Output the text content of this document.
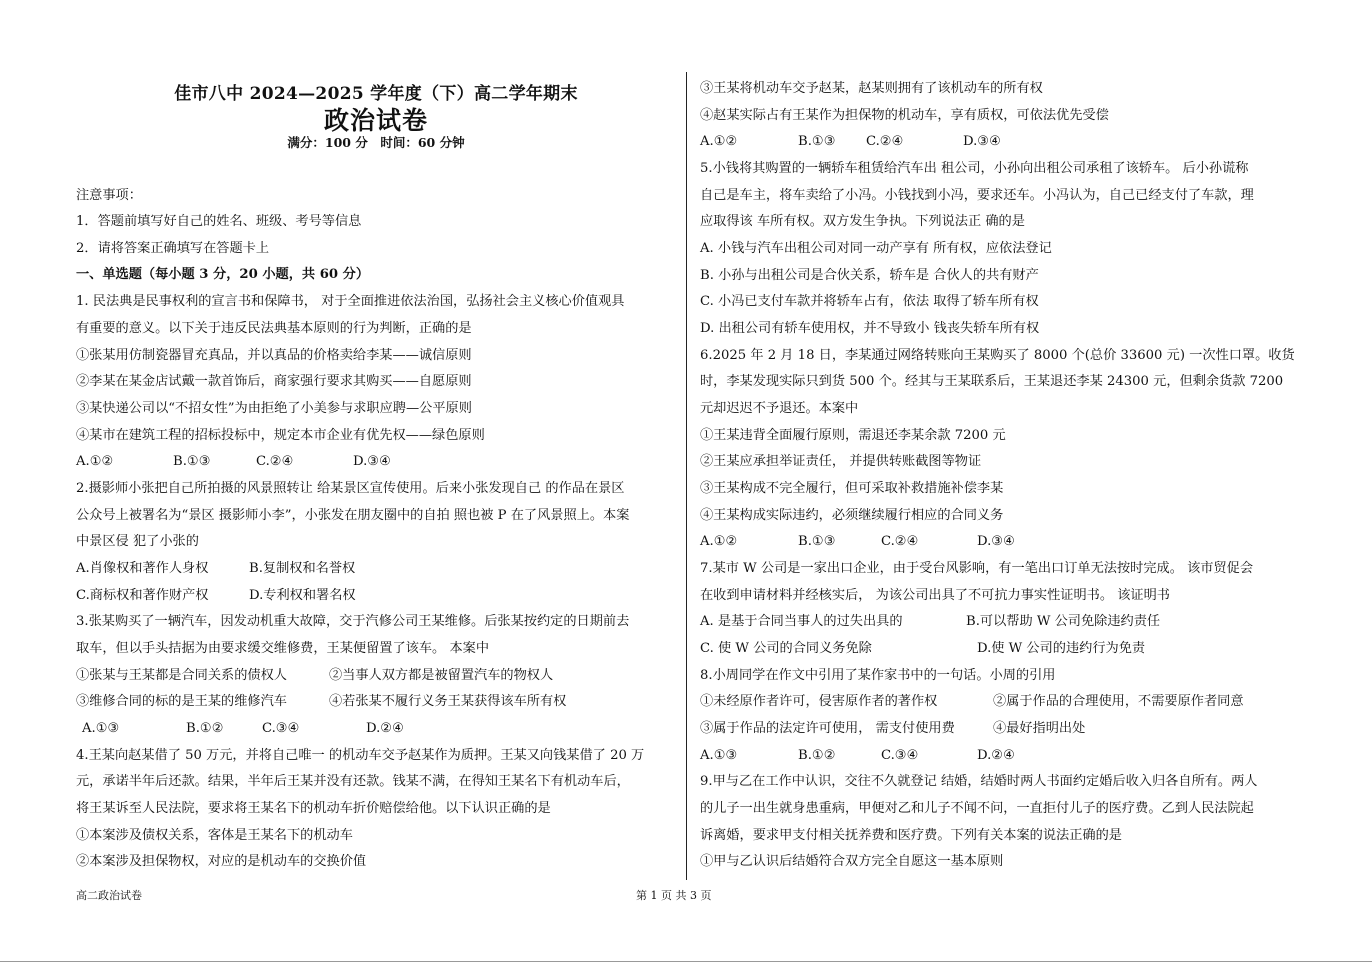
佳市八中 2024—2025 学年度（下）高二学年期末
政治试卷
满分：100 分　时间：60 分钟
注意事项：
1．答题前填写好自己的姓名、班级、考号等信息
2．请将答案正确填写在答题卡上
一、单选题（每小题 3 分，20 小题，共 60 分）
1. 民法典是民事权利的宣言书和保障书， 对于全面推进依法治国，弘扬社会主义核心价值观具
有重要的意义。以下关于违反民法典基本原则的行为判断，正确的是
①张某用仿制瓷器冒充真品，并以真品的价格卖给李某——诚信原则
②李某在某金店试戴一款首饰后，商家强行要求其购买——自愿原则
③某快递公司以“不招女性”为由拒绝了小美参与求职应聘—公平原则
④某市在建筑工程的招标投标中，规定本市企业有优先权——绿色原则
A.①②	B.①③	C.②④	D.③④
2.摄影师小张把自己所拍摄的风景照转让 给某景区宣传使用。后来小张发现自己 的作品在景区
公众号上被署名为“景区 摄影师小李”，小张发在朋友圈中的自拍 照也被 P 在了风景照上。本案
中景区侵 犯了小张的
A.肖像权和著作人身权	B.复制权和名誉权
C.商标权和著作财产权	D.专利权和署名权
3.张某购买了一辆汽车，因发动机重大故障，交于汽修公司王某维修。后张某按约定的日期前去
取车，但以手头拮据为由要求缓交维修费，王某便留置了该车。 本案中
①张某与王某都是合同关系的债权人	②当事人双方都是被留置汽车的物权人
③维修合同的标的是王某的维修汽车	④若张某不履行义务王某获得该车所有权
A.①③	B.①②	C.③④	D.②④
4.王某向赵某借了 50 万元，并将自己唯一 的机动车交予赵某作为质押。王某又向钱某借了 20 万
元，承诺半年后还款。结果，半年后王某并没有还款。钱某不满，在得知王某名下有机动车后，
将王某诉至人民法院，要求将王某名下的机动车折价赔偿给他。以下认识正确的是
①本案涉及债权关系，客体是王某名下的机动车
②本案涉及担保物权，对应的是机动车的交换价值
③王某将机动车交予赵某，赵某则拥有了该机动车的所有权
④赵某实际占有王某作为担保物的机动车，享有质权，可依法优先受偿
A.①②	B.①③ C.②④	D.③④
5.小钱将其购置的一辆轿车租赁给汽车出 租公司，小孙向出租公司承租了该轿车。 后小孙谎称
自己是车主，将车卖给了小冯。小钱找到小冯，要求还车。小冯认为，自己已经支付了车款，理
应取得该 车所有权。双方发生争执。下列说法正 确的是
A. 小钱与汽车出租公司对同一动产享有 所有权，应依法登记
B. 小孙与出租公司是合伙关系，轿车是 合伙人的共有财产
C. 小冯已支付车款并将轿车占有，依法 取得了轿车所有权
D. 出租公司有轿车使用权，并不导致小 钱丧失轿车所有权
6.2025 年 2 月 18 日，李某通过网络转账向王某购买了 8000 个(总价 33600 元) 一次性口罩。收货
时，李某发现实际只到货 500 个。经其与王某联系后，王某退还李某 24300 元，但剩余货款 7200
元却迟迟不予退还。本案中
①王某违背全面履行原则，需退还李某余款 7200 元
②王某应承担举证责任， 并提供转账截图等物证
③王某构成不完全履行，但可采取补救措施补偿李某
④王某构成实际违约，必须继续履行相应的合同义务
A.①②	B.①③	C.②④	D.③④
7.某市 W 公司是一家出口企业，由于受台风影响，有一笔出口订单无法按时完成。 该市贸促会
在收到申请材料并经核实后， 为该公司出具了不可抗力事实性证明书。 该证明书
A. 是基于合同当事人的过失出具的	B.可以帮助 W 公司免除违约责任
C. 使 W 公司的合同义务免除	D.使 W 公司的违约行为免责
8.小周同学在作文中引用了某作家书中的一句话。小周的引用
①未经原作者许可，侵害原作者的著作权	②属于作品的合理使用，不需要原作者同意
③属于作品的法定许可使用， 需支付使用费	④最好指明出处
A.①③	B.①②	C.③④	D.②④
9.甲与乙在工作中认识，交往不久就登记 结婚，结婚时两人书面约定婚后收入归各自所有。两人
的儿子一出生就身患重病，甲便对乙和儿子不闻不问，一直拒付儿子的医疗费。乙到人民法院起
诉离婚，要求甲支付相关抚养费和医疗费。下列有关本案的说法正确的是
①甲与乙认识后结婚符合双方完全自愿这一基本原则
高二政治试卷	第 1 页 共 3 页
